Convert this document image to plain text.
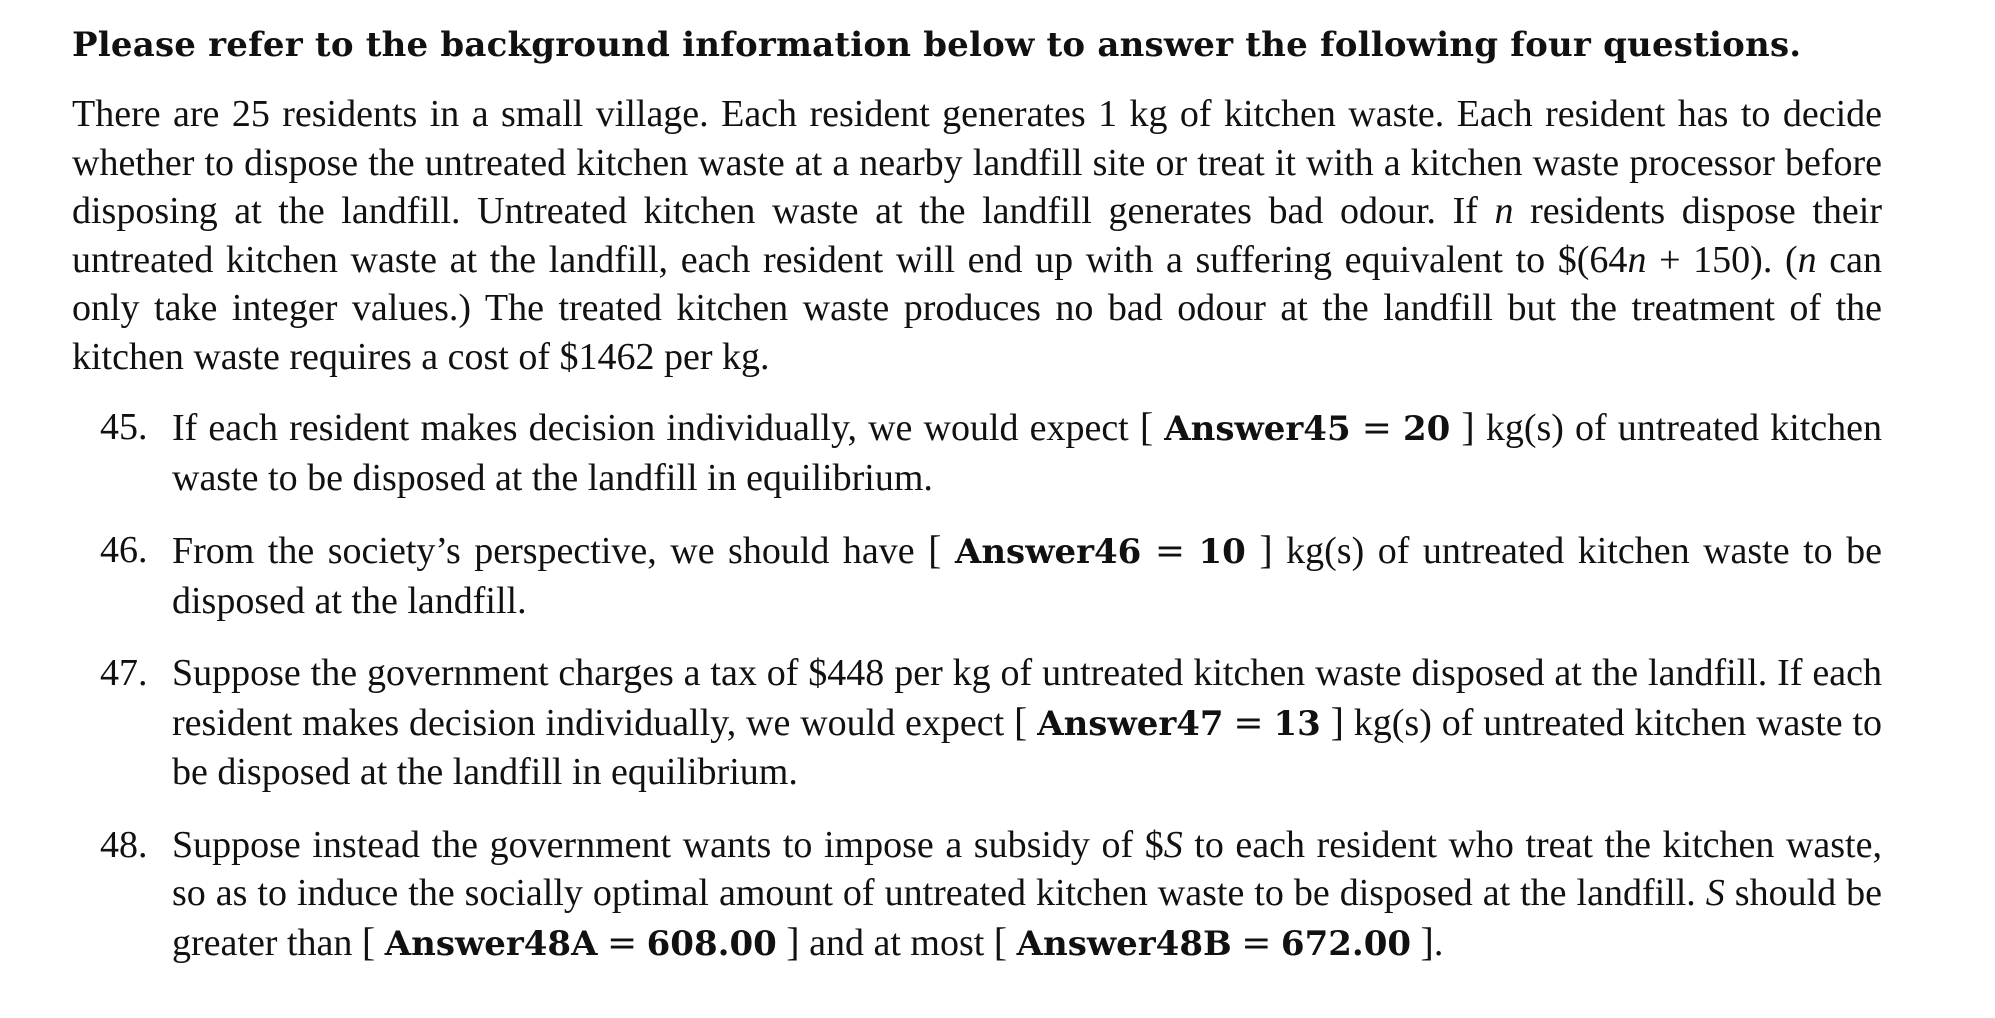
Please refer to the background information below to answer the following four questions.
There are 25 residents in a small village. Each resident generates 1 kg of kitchen waste. Each resident has to decide whether to dispose the untreated kitchen waste at a nearby landfill site or treat it with a kitchen waste processor before disposing at the landfill. Untreated kitchen waste at the landfill generates bad odour. If n residents dispose their untreated kitchen waste at the landfill, each resident will end up with a suffering equivalent to $(64n + 150). (n can only take integer values.) The treated kitchen waste produces no bad odour at the landfill but the treatment of the kitchen waste requires a cost of $1462 per kg.
45. If each resident makes decision individually, we would expect [ Answer45 = 20 ] kg(s) of untreated kitchen waste to be disposed at the landfill in equilibrium.
46. From the society’s perspective, we should have [ Answer46 = 10 ] kg(s) of untreated kitchen waste to be disposed at the landfill.
47. Suppose the government charges a tax of $448 per kg of untreated kitchen waste disposed at the landfill. If each resident makes decision individually, we would expect [ Answer47 = 13 ] kg(s) of untreated kitchen waste to be disposed at the landfill in equilibrium.
48. Suppose instead the government wants to impose a subsidy of $S to each resident who treat the kitchen waste, so as to induce the socially optimal amount of untreated kitchen waste to be disposed at the landfill. S should be greater than [ Answer48A = 608.00 ] and at most [ Answer48B = 672.00 ].
